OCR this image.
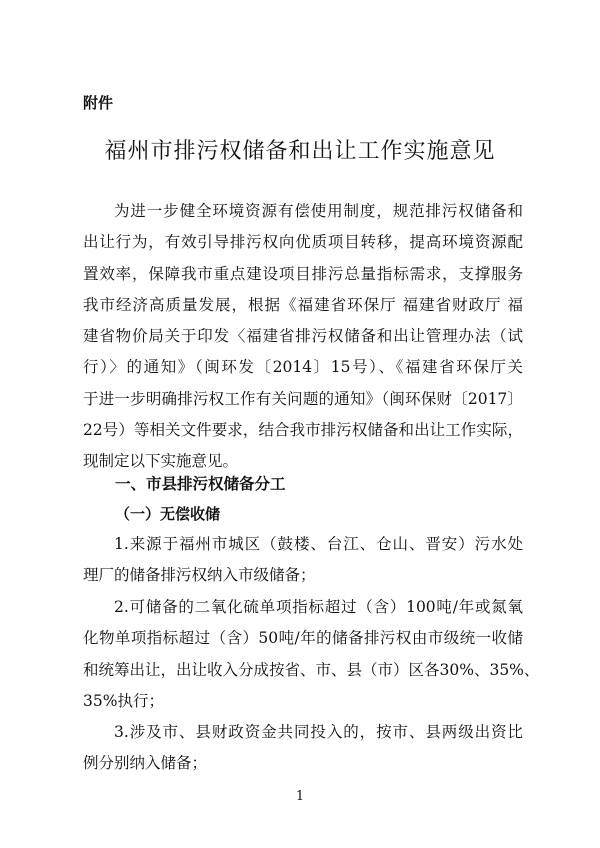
附件
福州市排污权储备和出让工作实施意见
为进一步健全环境资源有偿使用制度，规范排污权储备和
出让行为，有效引导排污权向优质项目转移，提高环境资源配
置效率，保障我市重点建设项目排污总量指标需求，支撑服务
我市经济高质量发展，根据《福建省环保厅 福建省财政厅 福
建省物价局关于印发〈福建省排污权储备和出让管理办法（试
行）〉的通知》（闽环发〔2014〕15号）、《福建省环保厅关
于进一步明确排污权工作有关问题的通知》（闽环保财〔2017〕
22号）等相关文件要求，结合我市排污权储备和出让工作实际，
现制定以下实施意见。
一、市县排污权储备分工
（一）无偿收储
1.来源于福州市城区（鼓楼、台江、仓山、晋安）污水处
理厂的储备排污权纳入市级储备；
2.可储备的二氧化硫单项指标超过（含）100吨/年或氮氧
化物单项指标超过（含）50吨/年的储备排污权由市级统一收储
和统筹出让，出让收入分成按省、市、县（市）区各30%、35%、
35%执行；
3.涉及市、县财政资金共同投入的，按市、县两级出资比
例分别纳入储备；
1
